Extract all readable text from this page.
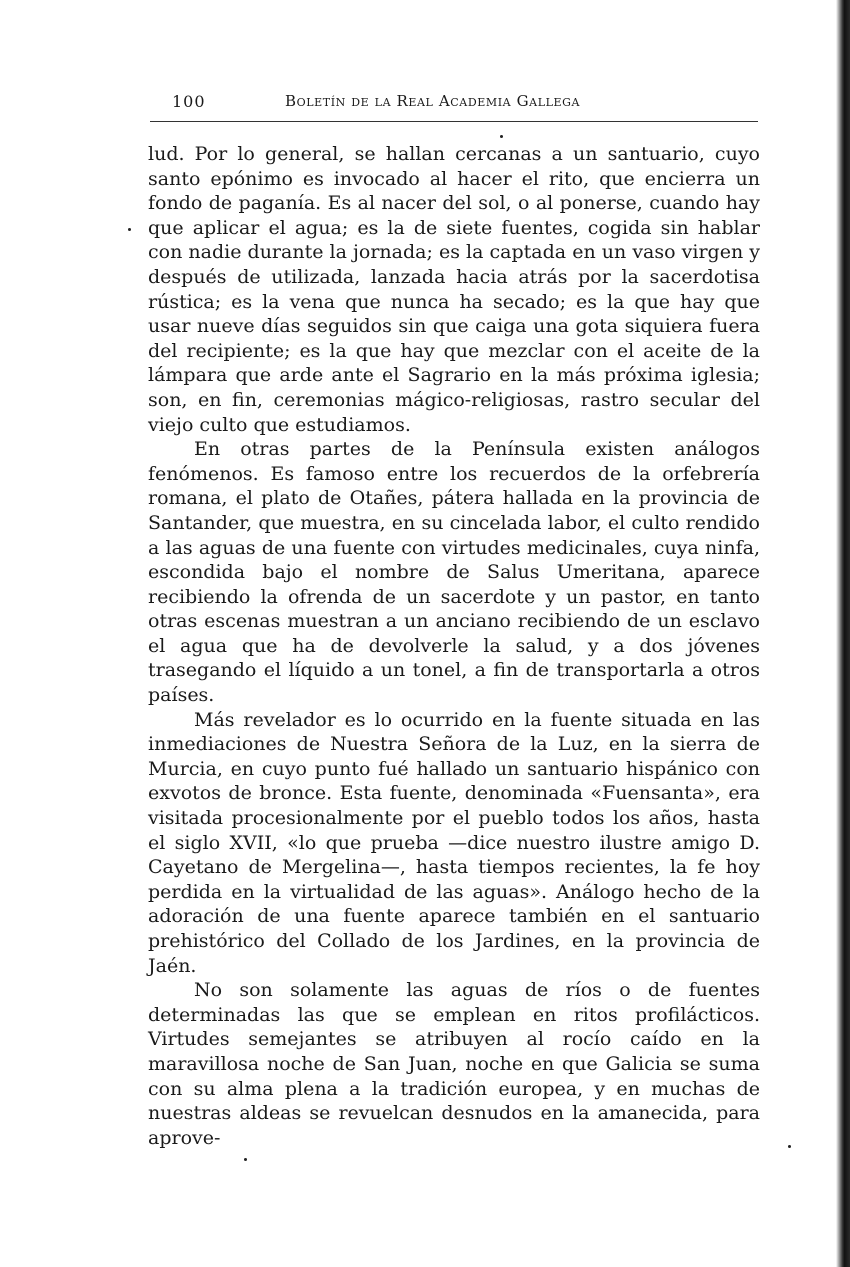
100	Boletín de la Real Academia Gallega

lud. Por lo general, se hallan cercanas a un santuario, cuyo santo epónimo es invocado al hacer el rito, que encierra un fondo de paganía. Es al nacer del sol, o al ponerse, cuando hay que aplicar el agua; es la de siete fuentes, cogida sin hablar con nadie durante la jornada; es la captada en un vaso virgen y después de utilizada, lanzada hacia atrás por la sacerdotisa rústica; es la vena que nunca ha secado; es la que hay que usar nueve días seguidos sin que caiga una gota siquiera fuera del recipiente; es la que hay que mezclar con el aceite de la lámpara que arde ante el Sagrario en la más próxima iglesia; son, en fin, ceremonias mágico-religiosas, rastro secular del viejo culto que estudiamos.

En otras partes de la Península existen análogos fenómenos. Es famoso entre los recuerdos de la orfebrería romana, el plato de Otañes, pátera hallada en la provincia de Santander, que muestra, en su cincelada labor, el culto rendido a las aguas de una fuente con virtudes medicinales, cuya ninfa, escondida bajo el nombre de Salus Umeritana, aparece recibiendo la ofrenda de un sacerdote y un pastor, en tanto otras escenas muestran a un anciano recibiendo de un esclavo el agua que ha de devolverle la salud, y a dos jóvenes trasegando el líquido a un tonel, a fin de transportarla a otros países.

Más revelador es lo ocurrido en la fuente situada en las inmediaciones de Nuestra Señora de la Luz, en la sierra de Murcia, en cuyo punto fué hallado un santuario hispánico con exvotos de bronce. Esta fuente, denominada «Fuensanta», era visitada procesionalmente por el pueblo todos los años, hasta el siglo XVII, «lo que prueba —dice nuestro ilustre amigo D. Cayetano de Mergelina—, hasta tiempos recientes, la fe hoy perdida en la virtualidad de las aguas». Análogo hecho de la adoración de una fuente aparece también en el santuario prehistórico del Collado de los Jardines, en la provincia de Jaén.

No son solamente las aguas de ríos o de fuentes determinadas las que se emplean en ritos profilácticos. Virtudes semejantes se atribuyen al rocío caído en la maravillosa noche de San Juan, noche en que Galicia se suma con su alma plena a la tradición europea, y en muchas de nuestras aldeas se revuelcan desnudos en la amanecida, para aprove-
